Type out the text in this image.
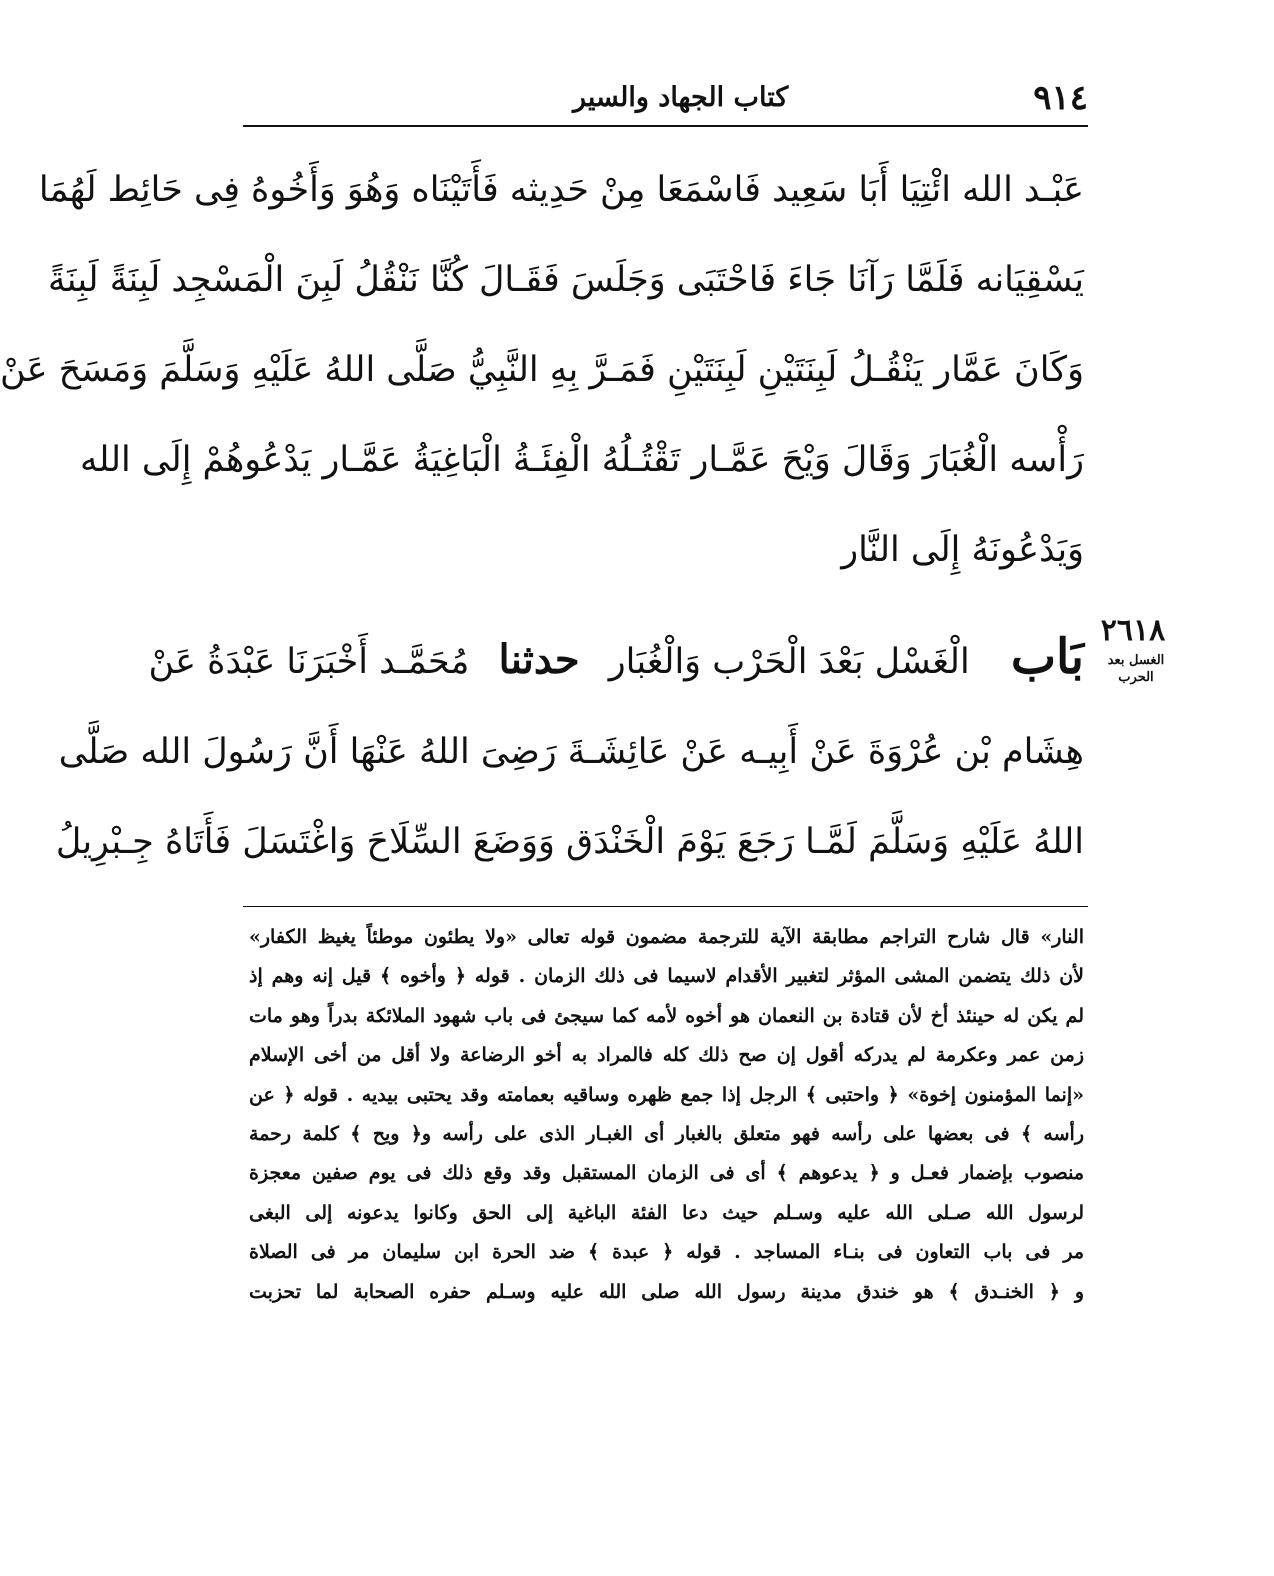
كتاب الجهاد والسير	٩١٤
عَبْـد الله ائْتِيَا أَبَا سَعِيد فَاسْمَعَا مِنْ حَدِيثه فَأَتَيْنَاه وَهُوَ وَأَخُوهُ فِى حَائِط لَهُمَا
يَسْقِيَانه فَلَمَّا رَآنَا جَاءَ فَاحْتَبَى وَجَلَسَ فَقَـالَ كُنَّا نَنْقُلُ لَبِنَ الْمَسْجِد لَبِنَةً لَبِنَةً
وَكَانَ عَمَّار يَنْقُـلُ لَبِنَتَيْنِ لَبِنَتَيْنِ فَمَـرَّ بِهِ النَّبِيُّ صَلَّى اللهُ عَلَيْهِ وَسَلَّمَ وَمَسَحَ عَنْ
رَأْسه الْغُبَارَ وَقَالَ وَيْحَ عَمَّـار تَقْتُـلُهُ الْفِئَـةُ الْبَاغِيَةُ عَمَّـار يَدْعُوهُمْ إِلَى الله
وَيَدْعُونَهُ إِلَى النَّار
بَاب الْغَسْل بَعْدَ الْحَرْب وَالْغُبَار حدثنا مُحَمَّـد أَخْبَرَنَا عَبْدَةُ عَنْ
هِشَام بْن عُرْوَةَ عَنْ أَبِيـه عَنْ عَائِشَـةَ رَضِىَ اللهُ عَنْهَا أَنَّ رَسُولَ الله صَلَّى
اللهُ عَلَيْهِ وَسَلَّمَ لَمَّـا رَجَعَ يَوْمَ الْخَنْدَق وَوَضَعَ السِّلَاحَ وَاغْتَسَلَ فَأَتَاهُ جِـبْرِيلُ
٢٦١٨
الغسل بعد الحرب
النار» قال شارح التراجم مطابقة الآية للترجمة مضمون قوله تعالى «ولا يطئون موطئاً يغيظ الكفار»
لأن ذلك يتضمن المشى المؤثر لتغبير الأقدام لاسيما فى ذلك الزمان . قوله ﴿ وأخوه ﴾ قيل إنه وهم إذ
لم يكن له حينئذ أخ لأن قتادة بن النعمان هو أخوه لأمه كما سيجئ فى باب شهود الملائكة بدراً وهو مات
زمن عمر وعكرمة لم يدركه أقول إن صح ذلك كله فالمراد به أخو الرضاعة ولا أقل من أخى الإسلام
«إنما المؤمنون إخوة» ﴿ واحتبى ﴾ الرجل إذا جمع ظهره وساقيه بعمامته وقد يحتبى بيديه . قوله ﴿ عن
رأسه ﴾ فى بعضها على رأسه فهو متعلق بالغبار أى الغبـار الذى على رأسه و﴿ ويح ﴾ كلمة رحمة
منصوب بإضمار فعـل و ﴿ يدعوهم ﴾ أى فى الزمان المستقبل وقد وقع ذلك فى يوم صفين معجزة
لرسول الله صـلى الله عليه وسـلم حيث دعا الفئة الباغية إلى الحق وكانوا يدعونه إلى البغى
مر فى باب التعاون فى بنـاء المساجد . قوله ﴿ عبدة ﴾ ضد الحرة ابن سليمان مر فى الصلاة
و ﴿ الخنـدق ﴾ هو خندق مدينة رسول الله صلى الله عليه وسـلم حفره الصحابة لما تحزبت
